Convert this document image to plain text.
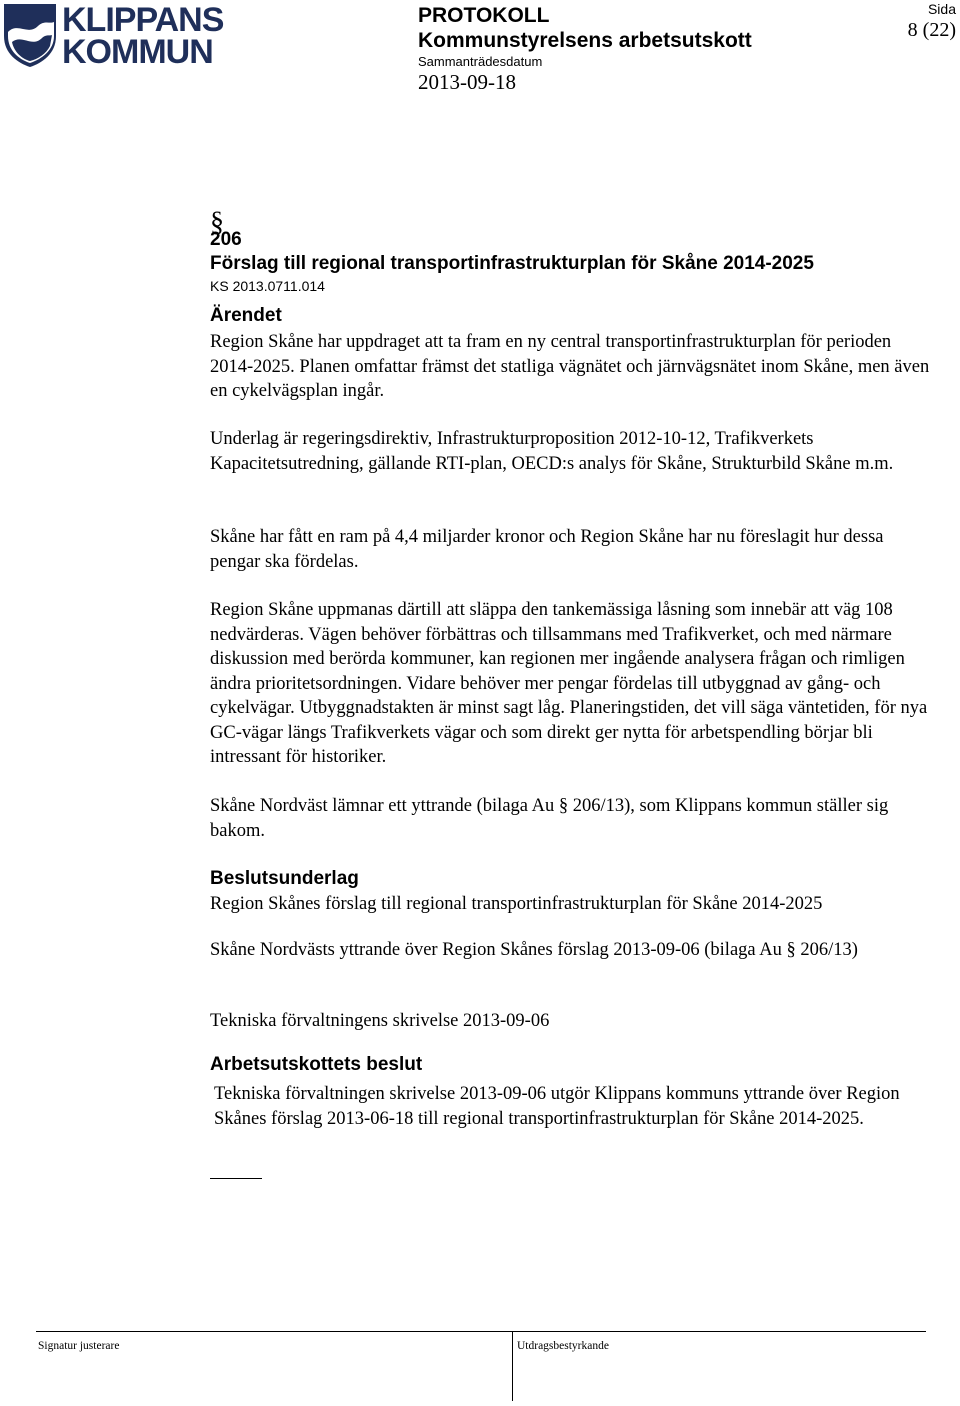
KLIPPANS
KOMMUN
PROTOKOLL
Kommunstyrelsens arbetsutskott
Sammanträdesdatum
2013-09-18
Sida
8 (22)
§
206
Förslag till regional transportinfrastrukturplan för Skåne 2014-2025
KS 2013.0711.014
Ärendet

Region Skåne har uppdraget att ta fram en ny central transportinfrastrukturplan för perioden 2014-2025. Planen omfattar främst det statliga vägnätet och järnvägsnätet inom Skåne, men även en cykelvägsplan ingår.

Underlag är regeringsdirektiv, Infrastrukturproposition 2012-10-12, Trafikverkets Kapacitetsutredning, gällande RTI-plan, OECD:s analys för Skåne, Strukturbild Skåne m.m.

Skåne har fått en ram på 4,4 miljarder kronor och Region Skåne har nu föreslagit hur dessa pengar ska fördelas.

Region Skåne uppmanas därtill att släppa den tankemässiga låsning som innebär att väg 108 nedvärderas. Vägen behöver förbättras och tillsammans med Trafikverket, och med närmare diskussion med berörda kommuner, kan regionen mer ingående analysera frågan och rimligen ändra prioritetsordningen. Vidare behöver mer pengar fördelas till utbyggnad av gång- och cykelvägar. Utbyggnadstakten är minst sagt låg. Planeringstiden, det vill säga väntetiden, för nya GC-vägar längs Trafikverkets vägar och som direkt ger nytta för arbetspendling börjar bli intressant för historiker.

Skåne Nordväst lämnar ett yttrande (bilaga Au § 206/13), som Klippans kommun ställer sig bakom.

Beslutsunderlag

Region Skånes förslag till regional transportinfrastrukturplan för Skåne 2014-2025

Skåne Nordvästs yttrande över Region Skånes förslag 2013-09-06 (bilaga Au § 206/13)

Tekniska förvaltningens skrivelse 2013-09-06

Arbetsutskottets beslut

Tekniska förvaltningen skrivelse 2013-09-06 utgör Klippans kommuns yttrande över Region Skånes förslag 2013-06-18 till regional transportinfrastrukturplan för Skåne 2014-2025.

Signatur justerare	Utdragsbestyrkande
